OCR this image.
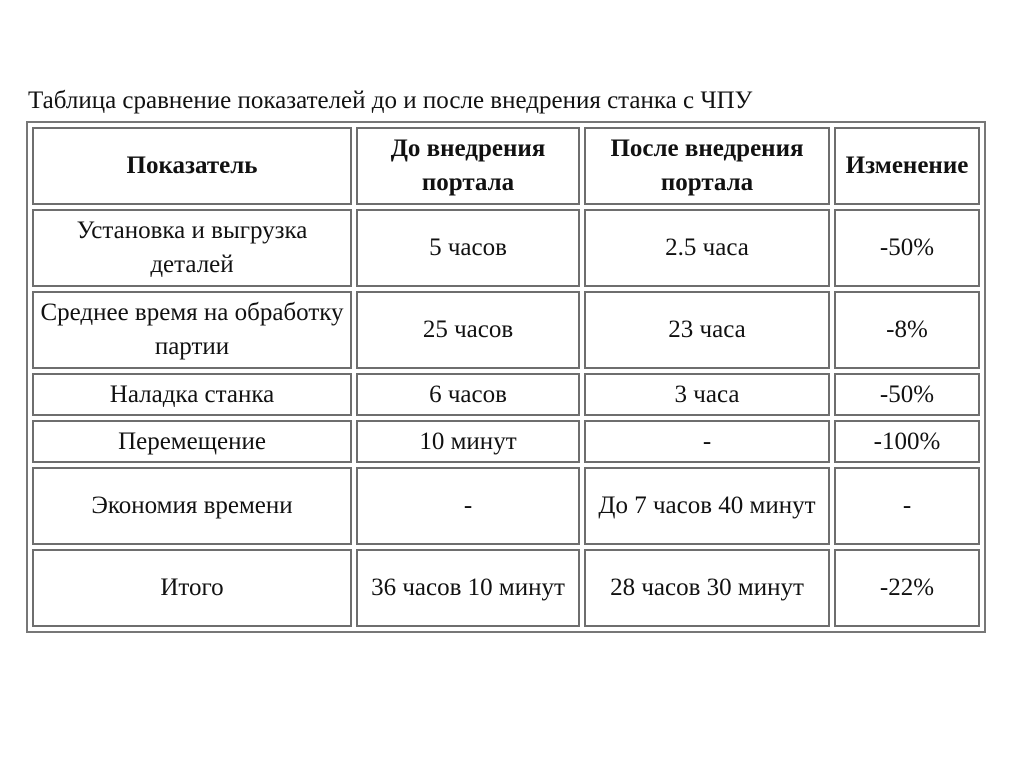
Таблица сравнение показателей до и после внедрения станка с ЧПУ
Показатель	До внедрения портала	После внедрения портала	Изменение
Установка и выгрузка деталей	5 часов	2.5 часа	-50%
Среднее время на обработку партии	25 часов	23 часа	-8%
Наладка станка	6 часов	3 часа	-50%
Перемещение	10 минут	-	-100%
Экономия времени	-	До 7 часов 40 минут	-
Итого	36 часов 10 минут	28 часов 30 минут	-22%
